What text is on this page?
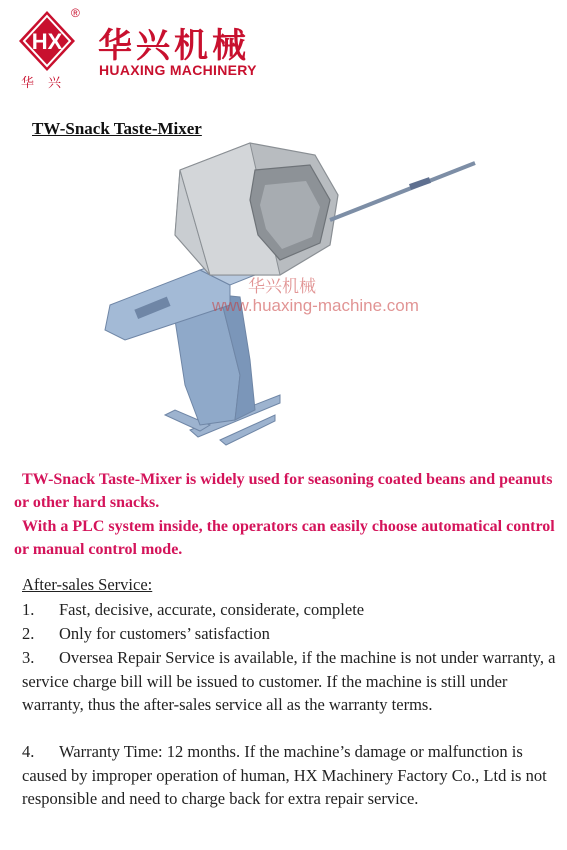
HX
®
华兴
华兴机械
HUAXING MACHINERY
TW-Snack Taste-Mixer
华兴机械
www.huaxing-machine.com
TW-Snack Taste-Mixer is widely used for seasoning coated beans and peanuts or other hard snacks.
With a PLC system inside, the operators can easily choose automatical control or manual control mode.
After-sales Service:
1. Fast, decisive, accurate, considerate, complete
2. Only for customers’ satisfaction
3. Oversea Repair Service is available, if the machine is not under warranty, a service charge bill will be issued to customer. If the machine is still under warranty, thus the after-sales service all as the warranty terms.
4. Warranty Time: 12 months. If the machine’s damage or malfunction is caused by improper operation of human, HX Machinery Factory Co., Ltd is not responsible and need to charge back for extra repair service.
